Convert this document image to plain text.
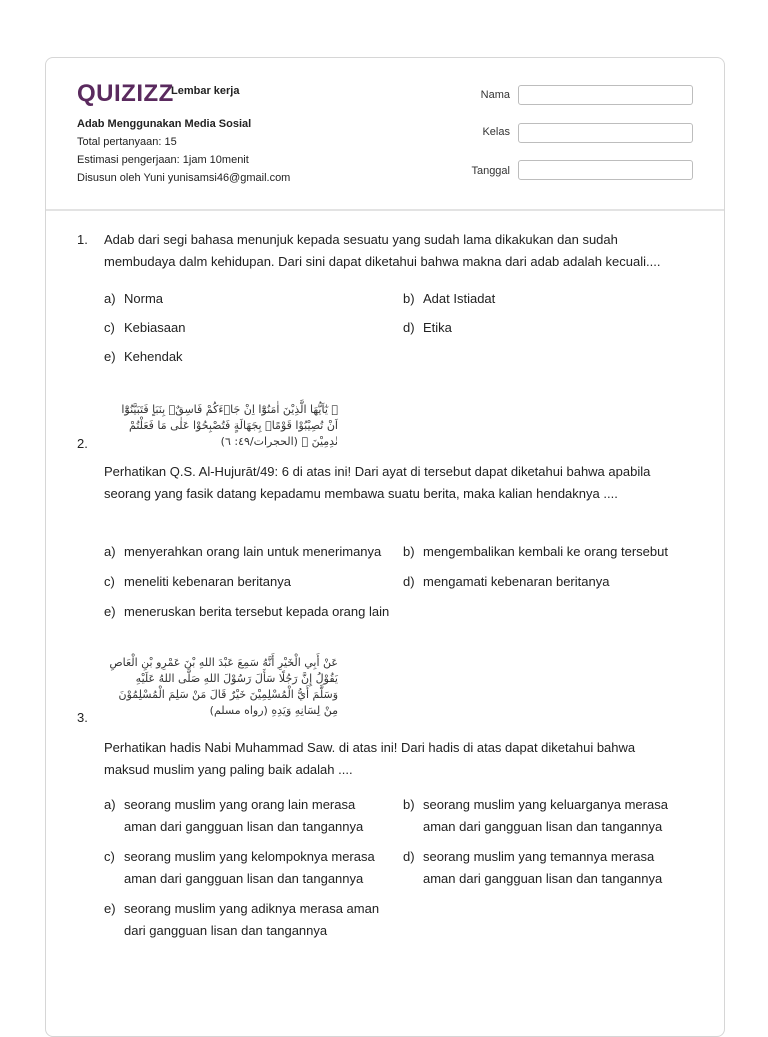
QUIZIZZ
Lembar kerja
Adab Menggunakan Media Sosial
Total pertanyaan: 15
Estimasi pengerjaan: 1jam 10menit
Disusun oleh Yuni yunisamsi46@gmail.com
Nama
Kelas
Tanggal
1. Adab dari segi bahasa menunjuk kepada sesuatu yang sudah lama dikakukan dan sudah membudaya dalm kehidupan. Dari sini dapat diketahui bahwa makna dari adab adalah kecuali....
a) Norma	b) Adat Istiadat
c) Kebiasaan	d) Etika
e) Kehendak
﴿ يٰٓاَيُّهَا الَّذِيْنَ اٰمَنُوْٓا اِنْ جَاۤءَكُمْ فَاسِقٌۢ بِنَبَاٍ فَتَبَيَّنُوْٓا اَنْ تُصِيْبُوْا قَوْمًاۢ بِجَهَالَةٍ فَتُصْبِحُوْا عَلٰى مَا فَعَلْتُمْ نٰدِمِيْنَ ﴾ (الحجرات/٤٩: ٦)
2.
Perhatikan Q.S. Al-Hujurāt/49: 6 di atas ini! Dari ayat di tersebut dapat diketahui bahwa apabila seorang yang fasik datang kepadamu membawa suatu berita, maka kalian hendaknya ....
a) menyerahkan orang lain untuk menerimanya	b) mengembalikan kembali ke orang tersebut
c) meneliti kebenaran beritanya	d) mengamati kebenaran beritanya
e) meneruskan berita tersebut kepada orang lain
عَنْ أَبِي الْخَيْرِ أَنَّهُ سَمِعَ عَبْدَ اللهِ بْنَ عَمْرِو بْنِ الْعَاصِ يَقُوْلُ إِنَّ رَجُلًا سَأَلَ رَسُوْلَ اللهِ صَلَّى اللهُ عَلَيْهِ وَسَلَّمَ أَيُّ الْمُسْلِمِيْنَ خَيْرٌ قَالَ مَنْ سَلِمَ الْمُسْلِمُوْنَ مِنْ لِسَانِهِ وَيَدِهِ (رواه مسلم)
3.
Perhatikan hadis Nabi Muhammad Saw. di atas ini! Dari hadis di atas dapat diketahui bahwa maksud muslim yang paling baik adalah ....
a) seorang muslim yang orang lain merasa aman dari gangguan lisan dan tangannya
b) seorang muslim yang keluarganya merasa aman dari gangguan lisan dan tangannya
c) seorang muslim yang kelompoknya merasa aman dari gangguan lisan dan tangannya
d) seorang muslim yang temannya merasa aman dari gangguan lisan dan tangannya
e) seorang muslim yang adiknya merasa aman dari gangguan lisan dan tangannya
